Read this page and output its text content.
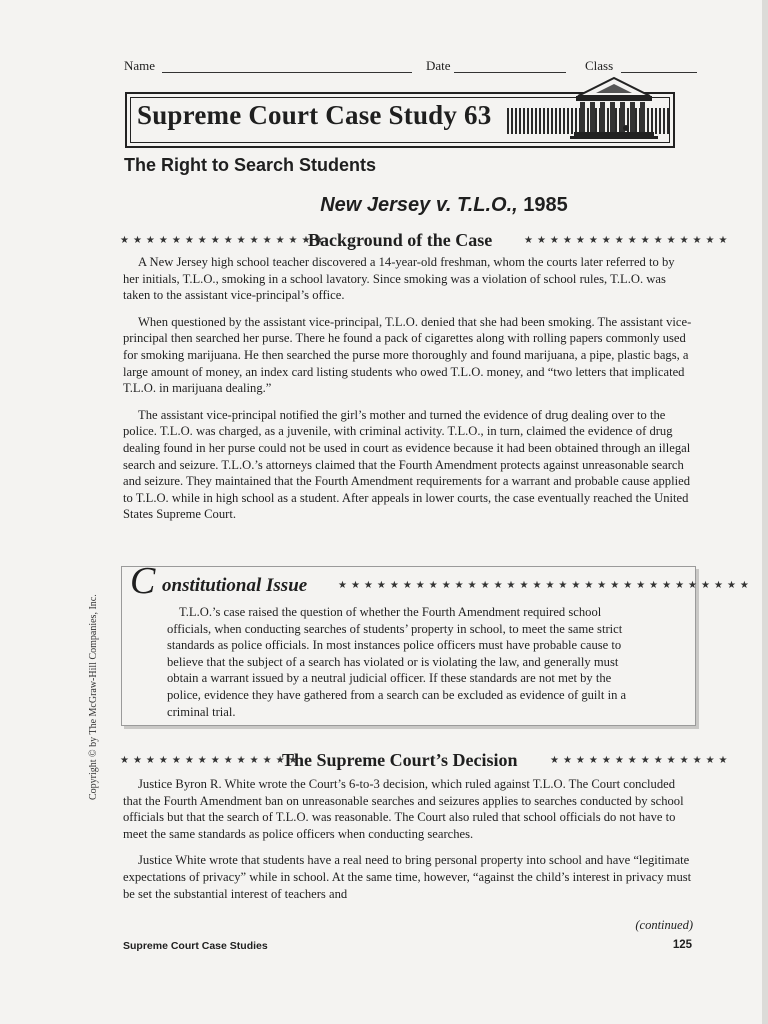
Name	Date	Class
Supreme Court Case Study 63
The Right to Search Students
New Jersey v. T.L.O., 1985
★★★★★★★★★★★★★★★★
Background of the Case	★★★★★★★★★★★★★★★★

A New Jersey high school teacher discovered a 14-year-old freshman, whom the courts later referred to by her initials, T.L.O., smoking in a school lavatory. Since smoking was a violation of school rules, T.L.O. was taken to the assistant vice-principal’s office.

When questioned by the assistant vice-principal, T.L.O. denied that she had been smoking. The assistant vice-principal then searched her purse. There he found a pack of cigarettes along with rolling papers commonly used for smoking marijuana. He then searched the purse more thoroughly and found marijuana, a pipe, plastic bags, a large amount of money, an index card listing students who owed T.L.O. money, and “two letters that implicated T.L.O. in marijuana dealing.”

The assistant vice-principal notified the girl’s mother and turned the evidence of drug dealing over to the police. T.L.O. was charged, as a juvenile, with criminal activity. T.L.O., in turn, claimed the evidence of drug dealing found in her purse could not be used in court as evidence because it had been obtained through an illegal search and seizure. T.L.O.’s attorneys claimed that the Fourth Amendment protects against unreasonable search and seizure. They maintained that the Fourth Amendment requirements for a warrant and probable cause applied to T.L.O. while in high school as a student. After appeals in lower courts, the case eventually reached the United States Supreme Court.

C onstitutional Issue	★★★★★★★★★★★★★★★★★★★★★★★★★★★★★★★★

T.L.O.’s case raised the question of whether the Fourth Amendment required school officials, when conducting searches of students’ property in school, to meet the same strict standards as police officials. In most instances police officers must have probable cause to believe that the subject of a search has violated or is violating the law, and generally must obtain a warrant issued by a neutral judicial officer. If these standards are not met by the police, evidence they have gathered from a search can be excluded as evidence of guilt in a criminal trial.

★★★★★★★★★★★★★★
The Supreme Court’s Decision	★★★★★★★★★★★★★★

Justice Byron R. White wrote the Court’s 6-to-3 decision, which ruled against T.L.O. The Court concluded that the Fourth Amendment ban on unreasonable searches and seizures applies to searches conducted by school officials but that the search of T.L.O. was reasonable. The Court also ruled that school officials do not have to meet the same standards as police officers when conducting searches.

Justice White wrote that students have a real need to bring personal property into school and have “legitimate expectations of privacy” while in school. At the same time, however, “against the child’s interest in privacy must be set the substantial interest of teachers and

Copyright © by The McGraw-Hill Companies, Inc.
(continued)
Supreme Court Case Studies	125
